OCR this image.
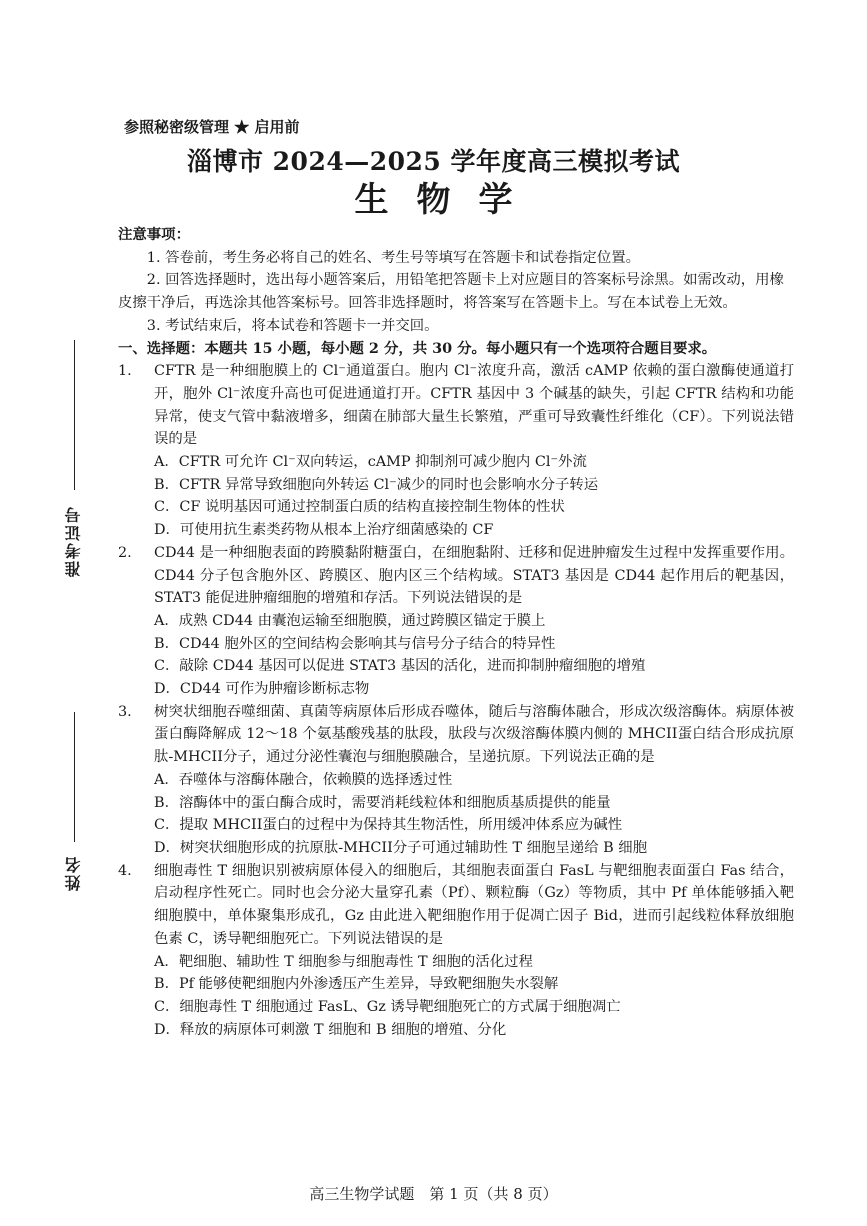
准考证号
姓名
参照秘密级管理 ★ 启用前
淄博市 2024—2025 学年度高三模拟考试
生物学

注意事项：

1. 答卷前，考生务必将自己的姓名、考生号等填写在答题卡和试卷指定位置。

2. 回答选择题时，选出每小题答案后，用铅笔把答题卡上对应题目的答案标号涂黑。如需改动，用橡皮擦干净后，再选涂其他答案标号。回答非选择题时，将答案写在答题卡上。写在本试卷上无效。

3. 考试结束后，将本试卷和答题卡一并交回。

一、选择题：本题共 15 小题，每小题 2 分，共 30 分。每小题只有一个选项符合题目要求。

1.	CFTR 是一种细胞膜上的 Cl⁻通道蛋白。胞内 Cl⁻浓度升高，激活 cAMP 依赖的蛋白激酶使通道打开，胞外 Cl⁻浓度升高也可促进通道打开。CFTR 基因中 3 个碱基的缺失，引起 CFTR 结构和功能异常，使支气管中黏液增多，细菌在肺部大量生长繁殖，严重可导致囊性纤维化（CF）。下列说法错误的是

A．CFTR 可允许 Cl⁻双向转运，cAMP 抑制剂可减少胞内 Cl⁻外流

B．CFTR 异常导致细胞向外转运 Cl⁻减少的同时也会影响水分子转运

C．CF 说明基因可通过控制蛋白质的结构直接控制生物体的性状

D．可使用抗生素类药物从根本上治疗细菌感染的 CF

2.	CD44 是一种细胞表面的跨膜黏附糖蛋白，在细胞黏附、迁移和促进肿瘤发生过程中发挥重要作用。CD44 分子包含胞外区、跨膜区、胞内区三个结构域。STAT3 基因是 CD44 起作用后的靶基因，STAT3 能促进肿瘤细胞的增殖和存活。下列说法错误的是

A．成熟 CD44 由囊泡运输至细胞膜，通过跨膜区锚定于膜上

B．CD44 胞外区的空间结构会影响其与信号分子结合的特异性

C．敲除 CD44 基因可以促进 STAT3 基因的活化，进而抑制肿瘤细胞的增殖

D．CD44 可作为肿瘤诊断标志物

3.	树突状细胞吞噬细菌、真菌等病原体后形成吞噬体，随后与溶酶体融合，形成次级溶酶体。病原体被蛋白酶降解成 12～18 个氨基酸残基的肽段，肽段与次级溶酶体膜内侧的 MHCII蛋白结合形成抗原肽-MHCII分子，通过分泌性囊泡与细胞膜融合，呈递抗原。下列说法正确的是

A．吞噬体与溶酶体融合，依赖膜的选择透过性

B．溶酶体中的蛋白酶合成时，需要消耗线粒体和细胞质基质提供的能量

C．提取 MHCII蛋白的过程中为保持其生物活性，所用缓冲体系应为碱性

D．树突状细胞形成的抗原肽-MHCII分子可通过辅助性 T 细胞呈递给 B 细胞

4.	细胞毒性 T 细胞识别被病原体侵入的细胞后，其细胞表面蛋白 FasL 与靶细胞表面蛋白 Fas 结合，启动程序性死亡。同时也会分泌大量穿孔素（Pf）、颗粒酶（Gz）等物质，其中 Pf 单体能够插入靶细胞膜中，单体聚集形成孔，Gz 由此进入靶细胞作用于促凋亡因子 Bid，进而引起线粒体释放细胞色素 C，诱导靶细胞死亡。下列说法错误的是

A．靶细胞、辅助性 T 细胞参与细胞毒性 T 细胞的活化过程

B．Pf 能够使靶细胞内外渗透压产生差异，导致靶细胞失水裂解

C．细胞毒性 T 细胞通过 FasL、Gz 诱导靶细胞死亡的方式属于细胞凋亡

D．释放的病原体可刺激 T 细胞和 B 细胞的增殖、分化

高三生物学试题　第 1 页（共 8 页）
